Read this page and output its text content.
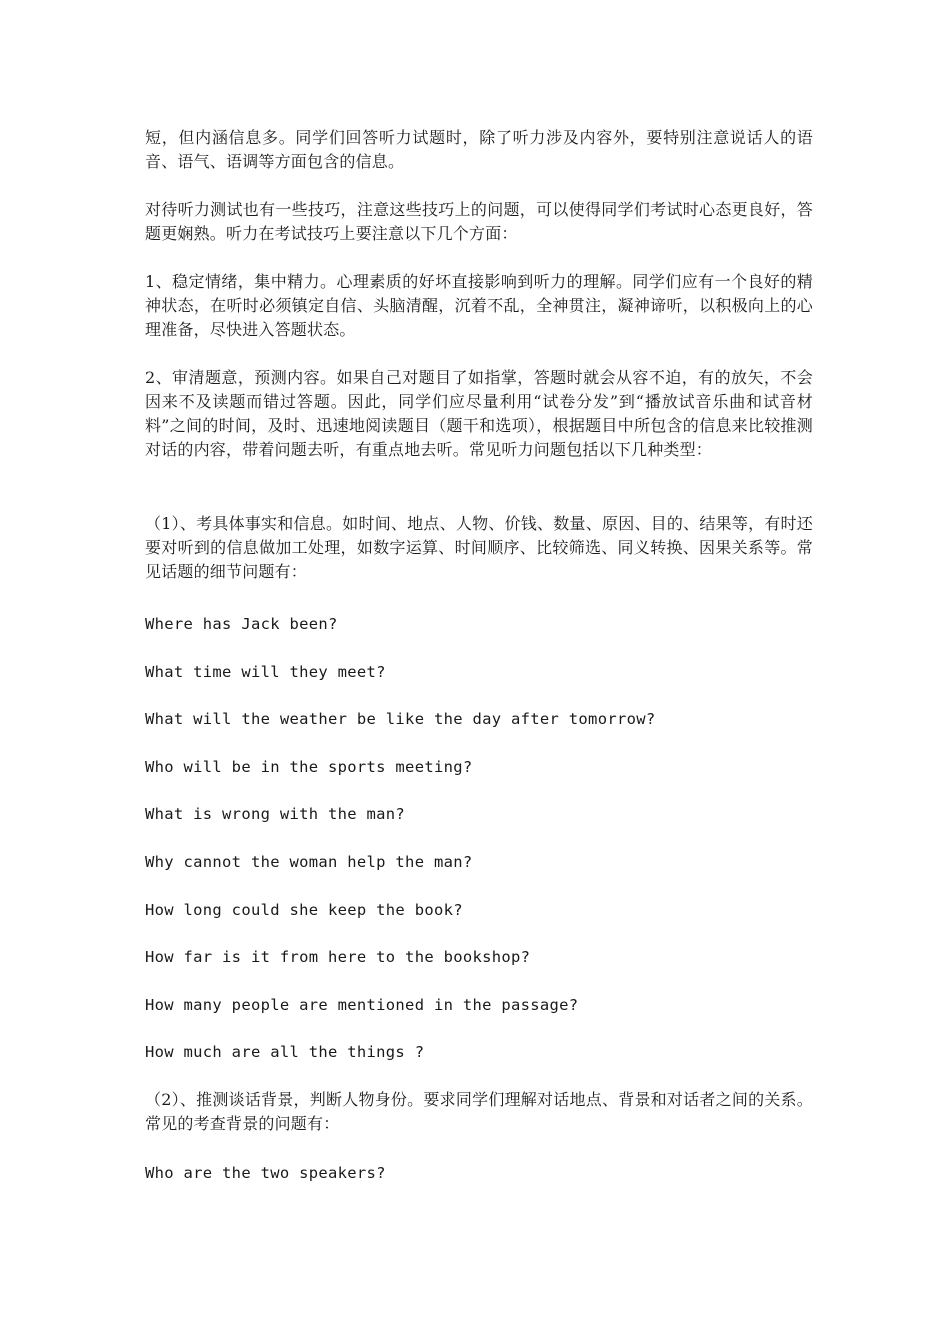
短，但内涵信息多。同学们回答听力试题时，除了听力涉及内容外，要特别注意说话人的语音、语气、语调等方面包含的信息。

对待听力测试也有一些技巧，注意这些技巧上的问题，可以使得同学们考试时心态更良好，答题更娴熟。听力在考试技巧上要注意以下几个方面：

1、稳定情绪，集中精力。心理素质的好坏直接影响到听力的理解。同学们应有一个良好的精神状态，在听时必须镇定自信、头脑清醒，沉着不乱，全神贯注，凝神谛听，以积极向上的心理准备，尽快进入答题状态。

2、审清题意，预测内容。如果自己对题目了如指掌，答题时就会从容不迫，有的放矢，不会因来不及读题而错过答题。因此，同学们应尽量利用“试卷分发”到“播放试音乐曲和试音材料”之间的时间，及时、迅速地阅读题目（题干和选项），根据题目中所包含的信息来比较推测对话的内容，带着问题去听，有重点地去听。常见听力问题包括以下几种类型：

（1）、考具体事实和信息。如时间、地点、人物、价钱、数量、原因、目的、结果等，有时还要对听到的信息做加工处理，如数字运算、时间顺序、比较筛选、同义转换、因果关系等。常见话题的细节问题有：

Where has Jack been?

What time will they meet?

What will the weather be like the day after tomorrow?

Who will be in the sports meeting?

What is wrong with the man?

Why cannot the woman help the man?

How long could she keep the book?

How far is it from here to the bookshop?

How many people are mentioned in the passage?

How much are all the things ?

（2）、推测谈话背景，判断人物身份。要求同学们理解对话地点、背景和对话者之间的关系。常见的考查背景的问题有：

Who are the two speakers?
